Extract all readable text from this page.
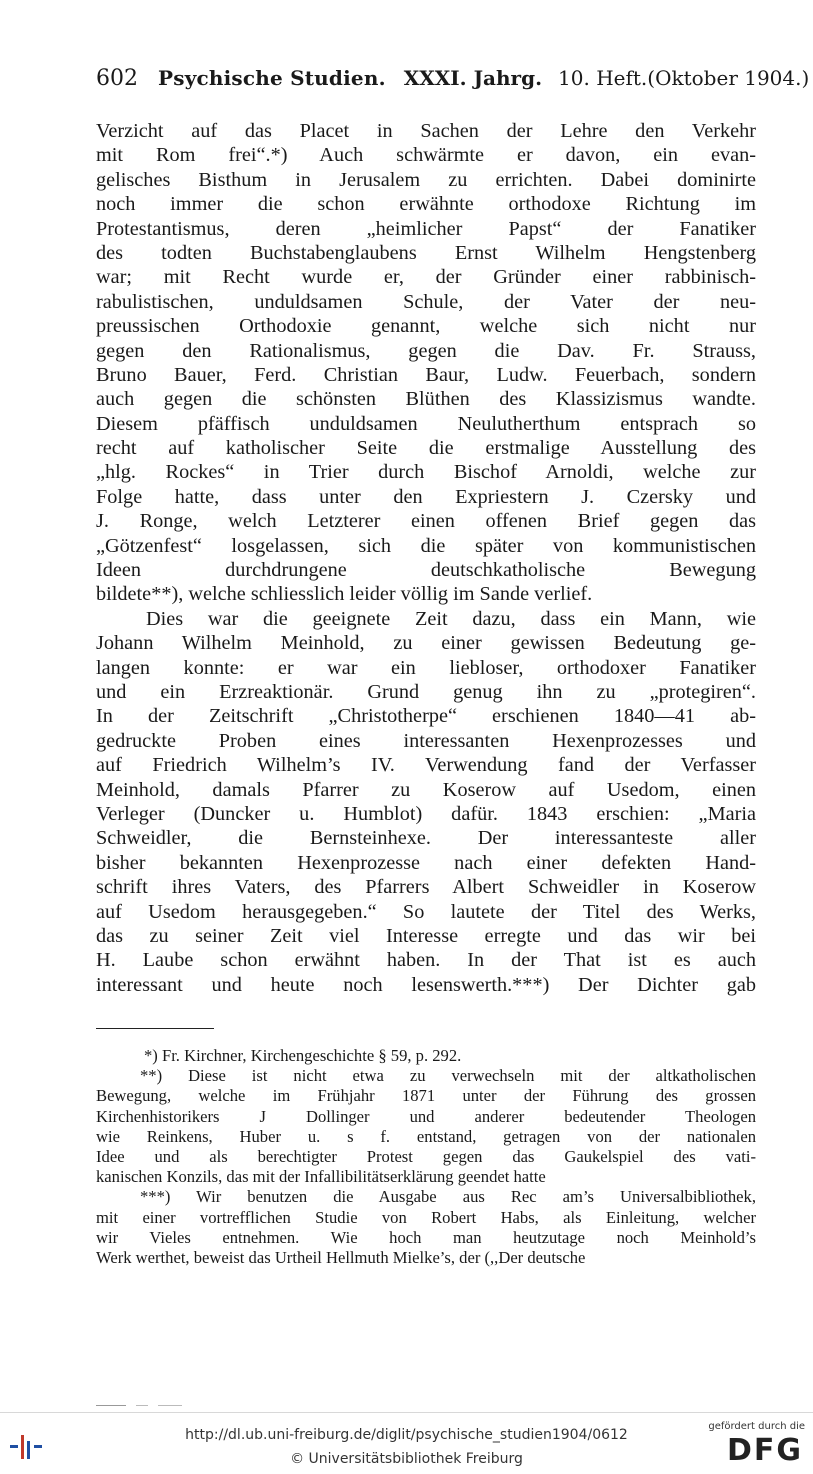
602 Psychische Studien. XXXI. Jahrg. 10. Heft. (Oktober 1904.)
Verzicht auf das Placet in Sachen der Lehre den Verkehr
mit Rom frei“.*) Auch schwärmte er davon, ein evan-
gelisches Bisthum in Jerusalem zu errichten. Dabei dominirte
noch immer die schon erwähnte orthodoxe Richtung im
Protestantismus, deren „heimlicher Papst“ der Fanatiker
des todten Buchstabenglaubens Ernst Wilhelm Hengstenberg
war; mit Recht wurde er, der Gründer einer rabbinisch-
rabulistischen, unduldsamen Schule, der Vater der neu-
preussischen Orthodoxie genannt, welche sich nicht nur
gegen den Rationalismus, gegen die Dav. Fr. Strauss,
Bruno Bauer, Ferd. Christian Baur, Ludw. Feuerbach, sondern
auch gegen die schönsten Blüthen des Klassizismus wandte.
Diesem pfäffisch unduldsamen Neulutherthum entsprach so
recht auf katholischer Seite die erstmalige Ausstellung des
„hlg. Rockes“ in Trier durch Bischof Arnoldi, welche zur
Folge hatte, dass unter den Expriestern J. Czersky und
J. Ronge, welch Letzterer einen offenen Brief gegen das
„Götzenfest“ losgelassen, sich die später von kommunistischen
Ideen durchdrungene deutschkatholische Bewegung
bildete**), welche schliesslich leider völlig im Sande verlief.
Dies war die geeignete Zeit dazu, dass ein Mann, wie
Johann Wilhelm Meinhold, zu einer gewissen Bedeutung ge-
langen konnte: er war ein liebloser, orthodoxer Fanatiker
und ein Erzreaktionär. Grund genug ihn zu „protegiren“.
In der Zeitschrift „Christotherpe“ erschienen 1840—41 ab-
gedruckte Proben eines interessanten Hexenprozesses und
auf Friedrich Wilhelm’s IV. Verwendung fand der Verfasser
Meinhold, damals Pfarrer zu Koserow auf Usedom, einen
Verleger (Duncker u. Humblot) dafür. 1843 erschien: „Maria
Schweidler, die Bernsteinhexe. Der interessanteste aller
bisher bekannten Hexenprozesse nach einer defekten Hand-
schrift ihres Vaters, des Pfarrers Albert Schweidler in Koserow
auf Usedom herausgegeben.“ So lautete der Titel des Werks,
das zu seiner Zeit viel Interesse erregte und das wir bei
H. Laube schon erwähnt haben. In der That ist es auch
interessant und heute noch lesenswerth.***) Der Dichter gab
*) Fr. Kirchner, Kirchengeschichte § 59, p. 292.
**) Diese ist nicht etwa zu verwechseln mit der altkatholischen
Bewegung, welche im Frühjahr 1871 unter der Führung des grossen
Kirchenhistorikers J Dollinger und anderer bedeutender Theologen
wie Reinkens, Huber u. s f. entstand, getragen von der nationalen
Idee und als berechtigter Protest gegen das Gaukelspiel des vati-
kanischen Konzils, das mit der Infallibilitätserklärung geendet hatte
***) Wir benutzen die Ausgabe aus Rec am’s Universalbibliothek,
mit einer vortrefflichen Studie von Robert Habs, als Einleitung, welcher
wir Vieles entnehmen. Wie hoch man heutzutage noch Meinhold’s
Werk werthet, beweist das Urtheil Hellmuth Mielke’s, der (,,Der deutsche
http://dl.ub.uni-freiburg.de/diglit/psychische_studien1904/0612
© Universitätsbibliothek Freiburg
gefördert durch die
DFG
